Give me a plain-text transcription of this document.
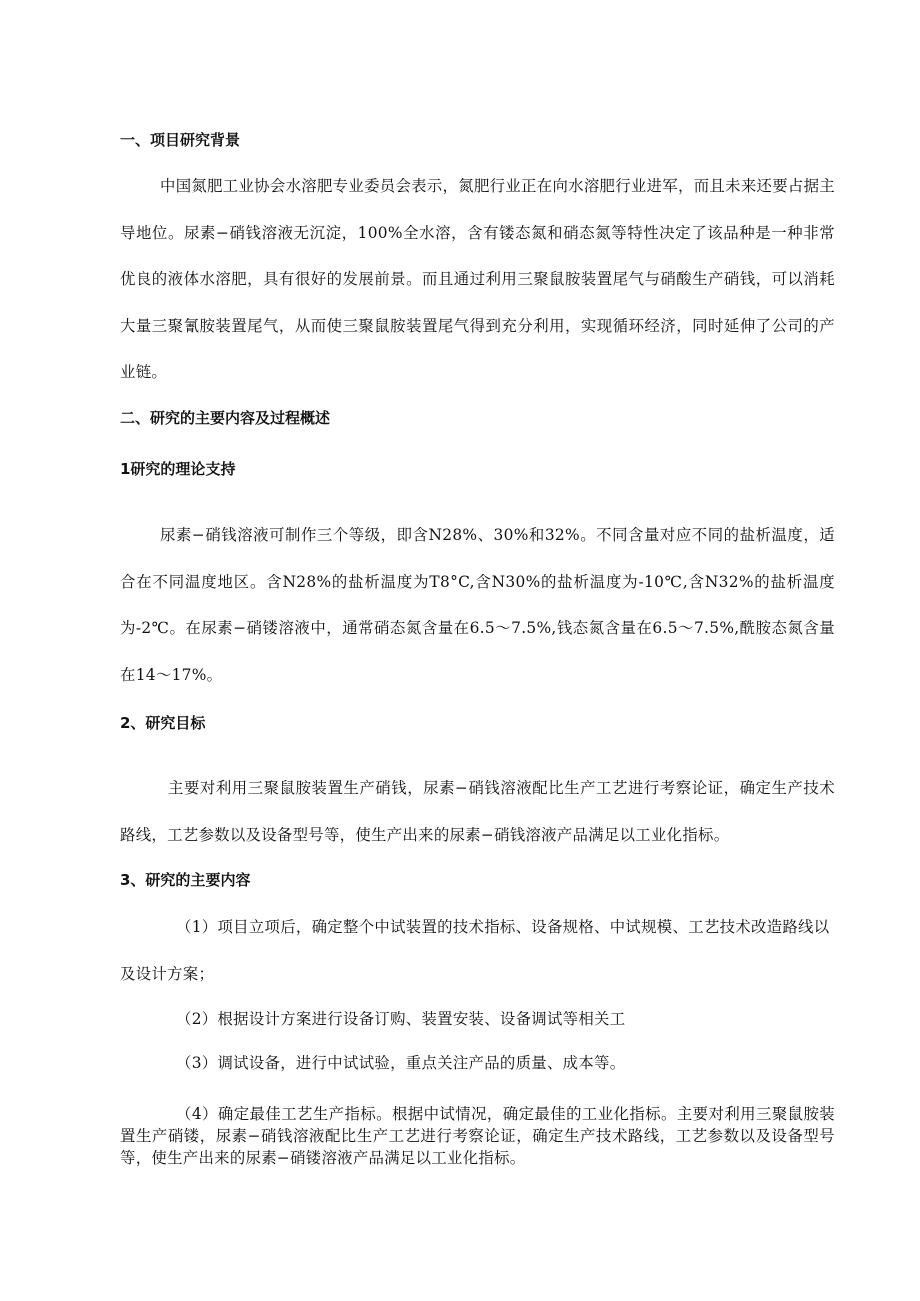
一、项目研究背景
中国氮肥工业协会水溶肥专业委员会表示，氮肥行业正在向水溶肥行业进军，而且未来还要占据主导地位。尿素−硝钱溶液无沉淀，100%全水溶，含有镂态氮和硝态氮等特性决定了该品种是一种非常优良的液体水溶肥，具有很好的发展前景。而且通过利用三聚鼠胺装置尾气与硝酸生产硝钱，可以消耗大量三聚氰胺装置尾气，从而使三聚鼠胺装置尾气得到充分利用，实现循环经济，同时延伸了公司的产业链。
二、研究的主要内容及过程概述
1研究的理论支持
尿素−硝钱溶液可制作三个等级，即含N28%、30%和32%。不同含量对应不同的盐析温度，适合在不同温度地区。含N28%的盐析温度为T8°C,含N30%的盐析温度为-10℃,含N32%的盐析温度为-2℃。在尿素−硝镂溶液中，通常硝态氮含量在6.5～7.5%,钱态氮含量在6.5～7.5%,酰胺态氮含量在14～17%。
2、研究目标
主要对利用三聚鼠胺装置生产硝钱，尿素−硝钱溶液配比生产工艺进行考察论证，确定生产技术路线，工艺参数以及设备型号等，使生产出来的尿素−硝钱溶液产品满足以工业化指标。
3、研究的主要内容
（1）项目立项后，确定整个中试装置的技术指标、设备规格、中试规模、工艺技术改造路线以及设计方案；
（2）根据设计方案进行设备订购、装置安装、设备调试等相关工
（3）调试设备，进行中试试验，重点关注产品的质量、成本等。
（4）确定最佳工艺生产指标。根据中试情况，确定最佳的工业化指标。主要对利用三聚鼠胺装置生产硝镂，尿素−硝钱溶液配比生产工艺进行考察论证，确定生产技术路线，工艺参数以及设备型号等，使生产出来的尿素−硝镂溶液产品满足以工业化指标。
